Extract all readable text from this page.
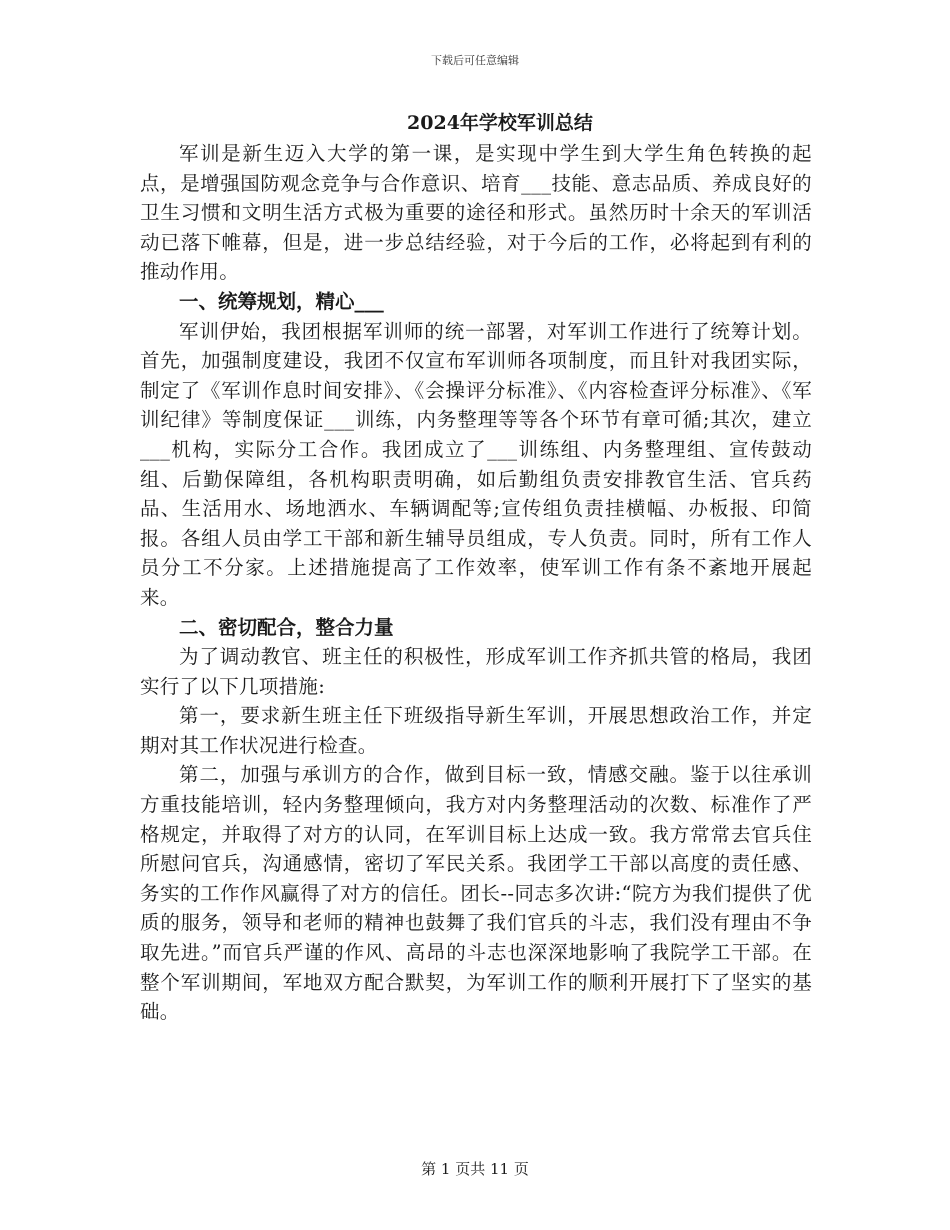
下载后可任意编辑
2024年学校军训总结

军训是新生迈入大学的第一课，是实现中学生到大学生角色转换的起点，是增强国防观念竞争与合作意识、培育___技能、意志品质、养成良好的卫生习惯和文明生活方式极为重要的途径和形式。虽然历时十余天的军训活动已落下帷幕，但是，进一步总结经验，对于今后的工作，必将起到有利的推动作用。

一、统筹规划，精心___

军训伊始，我团根据军训师的统一部署，对军训工作进行了统筹计划。首先，加强制度建设，我团不仅宣布军训师各项制度，而且针对我团实际，制定了《军训作息时间安排》、《会操评分标准》、《内容检查评分标准》、《军训纪律》等制度保证___训练，内务整理等等各个环节有章可循;其次，建立___机构，实际分工合作。我团成立了___训练组、内务整理组、宣传鼓动组、后勤保障组，各机构职责明确，如后勤组负责安排教官生活、官兵药品、生活用水、场地洒水、车辆调配等;宣传组负责挂横幅、办板报、印简报。各组人员由学工干部和新生辅导员组成，专人负责。同时，所有工作人员分工不分家。上述措施提高了工作效率，使军训工作有条不紊地开展起来。

二、密切配合，整合力量

为了调动教官、班主任的积极性，形成军训工作齐抓共管的格局，我团实行了以下几项措施:

第一，要求新生班主任下班级指导新生军训，开展思想政治工作，并定期对其工作状况进行检查。

第二，加强与承训方的合作，做到目标一致，情感交融。鉴于以往承训方重技能培训，轻内务整理倾向，我方对内务整理活动的次数、标准作了严格规定，并取得了对方的认同，在军训目标上达成一致。我方常常去官兵住所慰问官兵，沟通感情，密切了军民关系。我团学工干部以高度的责任感、务实的工作作风赢得了对方的信任。团长--同志多次讲:“院方为我们提供了优质的服务，领导和老师的精神也鼓舞了我们官兵的斗志，我们没有理由不争取先进。”而官兵严谨的作风、高昂的斗志也深深地影响了我院学工干部。在整个军训期间，军地双方配合默契，为军训工作的顺利开展打下了坚实的基础。

第 1 页共 11 页
